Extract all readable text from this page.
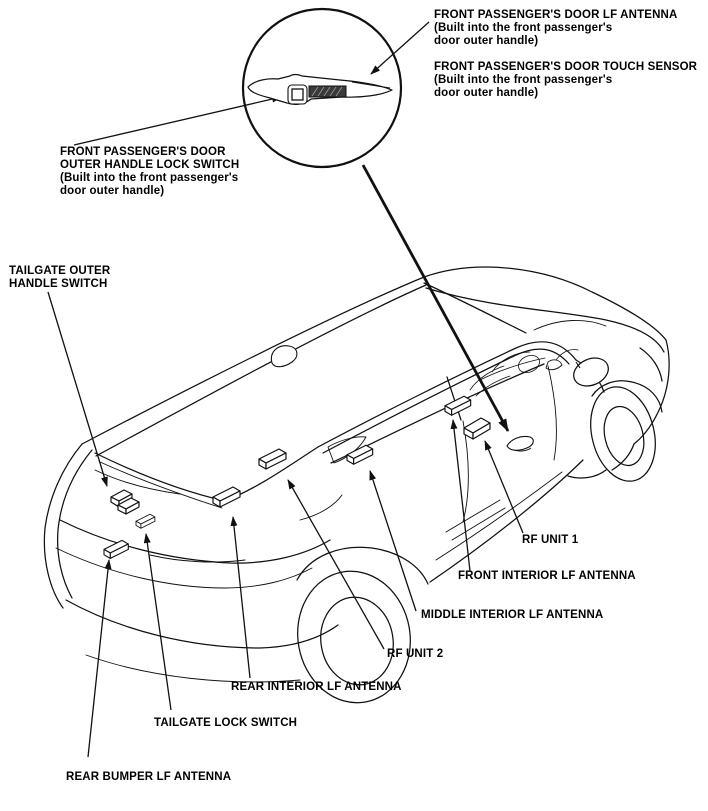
FRONT PASSENGER'S DOOR LF ANTENNA
(Built into the front passenger's
door outer handle)
FRONT PASSENGER'S DOOR TOUCH SENSOR
(Built into the front passenger's
door outer handle)
FRONT PASSENGER'S DOOR
OUTER HANDLE LOCK SWITCH
(Built into the front passenger's
door outer handle)
TAILGATE OUTER
HANDLE SWITCH
RF UNIT 1
FRONT INTERIOR LF ANTENNA
MIDDLE INTERIOR LF ANTENNA
RF UNIT 2
REAR INTERIOR LF ANTENNA
TAILGATE LOCK SWITCH
REAR BUMPER LF ANTENNA
